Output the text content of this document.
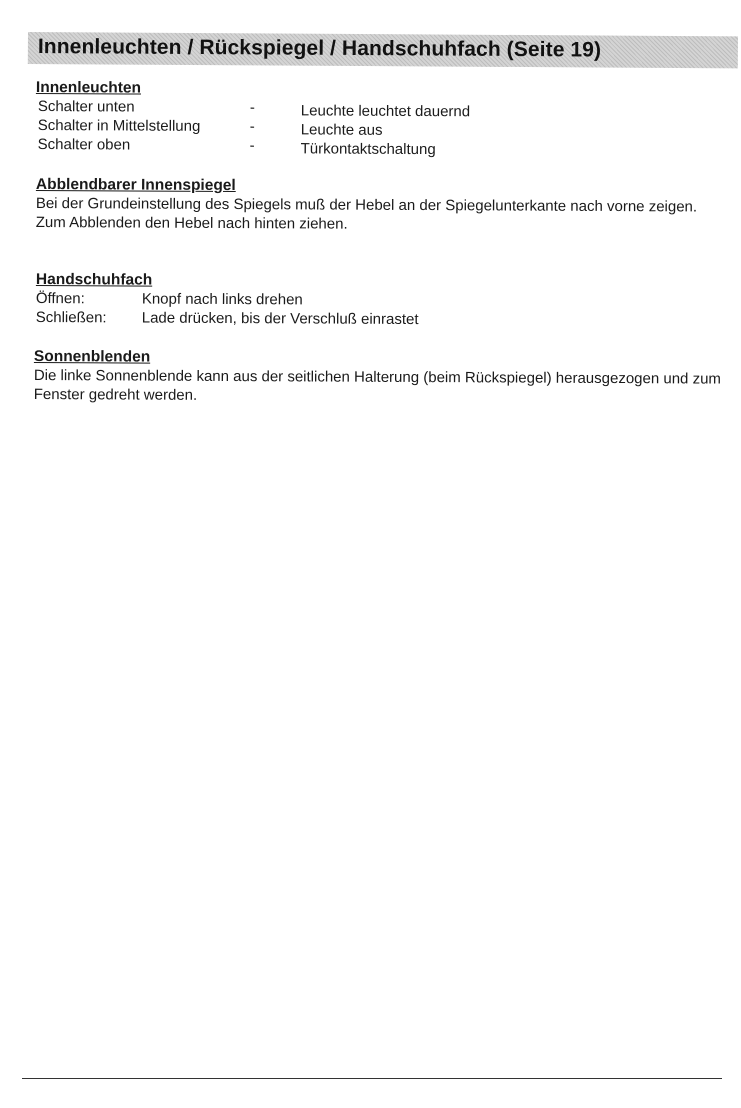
Innenleuchten / Rückspiegel / Handschuhfach (Seite 19)
Innenleuchten
Schalter unten	-	Leuchte leuchtet dauernd
Schalter in Mittelstellung	-	Leuchte aus
Schalter oben	-	Türkontaktschaltung
Abblendbarer Innenspiegel
Bei der Grundeinstellung des Spiegels muß der Hebel an der Spiegelunterkante nach vorne zeigen.
Zum Abblenden den Hebel nach hinten ziehen.
Handschuhfach
Öffnen:	Knopf nach links drehen
Schließen: Lade drücken, bis der Verschluß einrastet
Sonnenblenden
Die linke Sonnenblende kann aus der seitlichen Halterung (beim Rückspiegel) herausgezogen und zum Fenster gedreht werden.
